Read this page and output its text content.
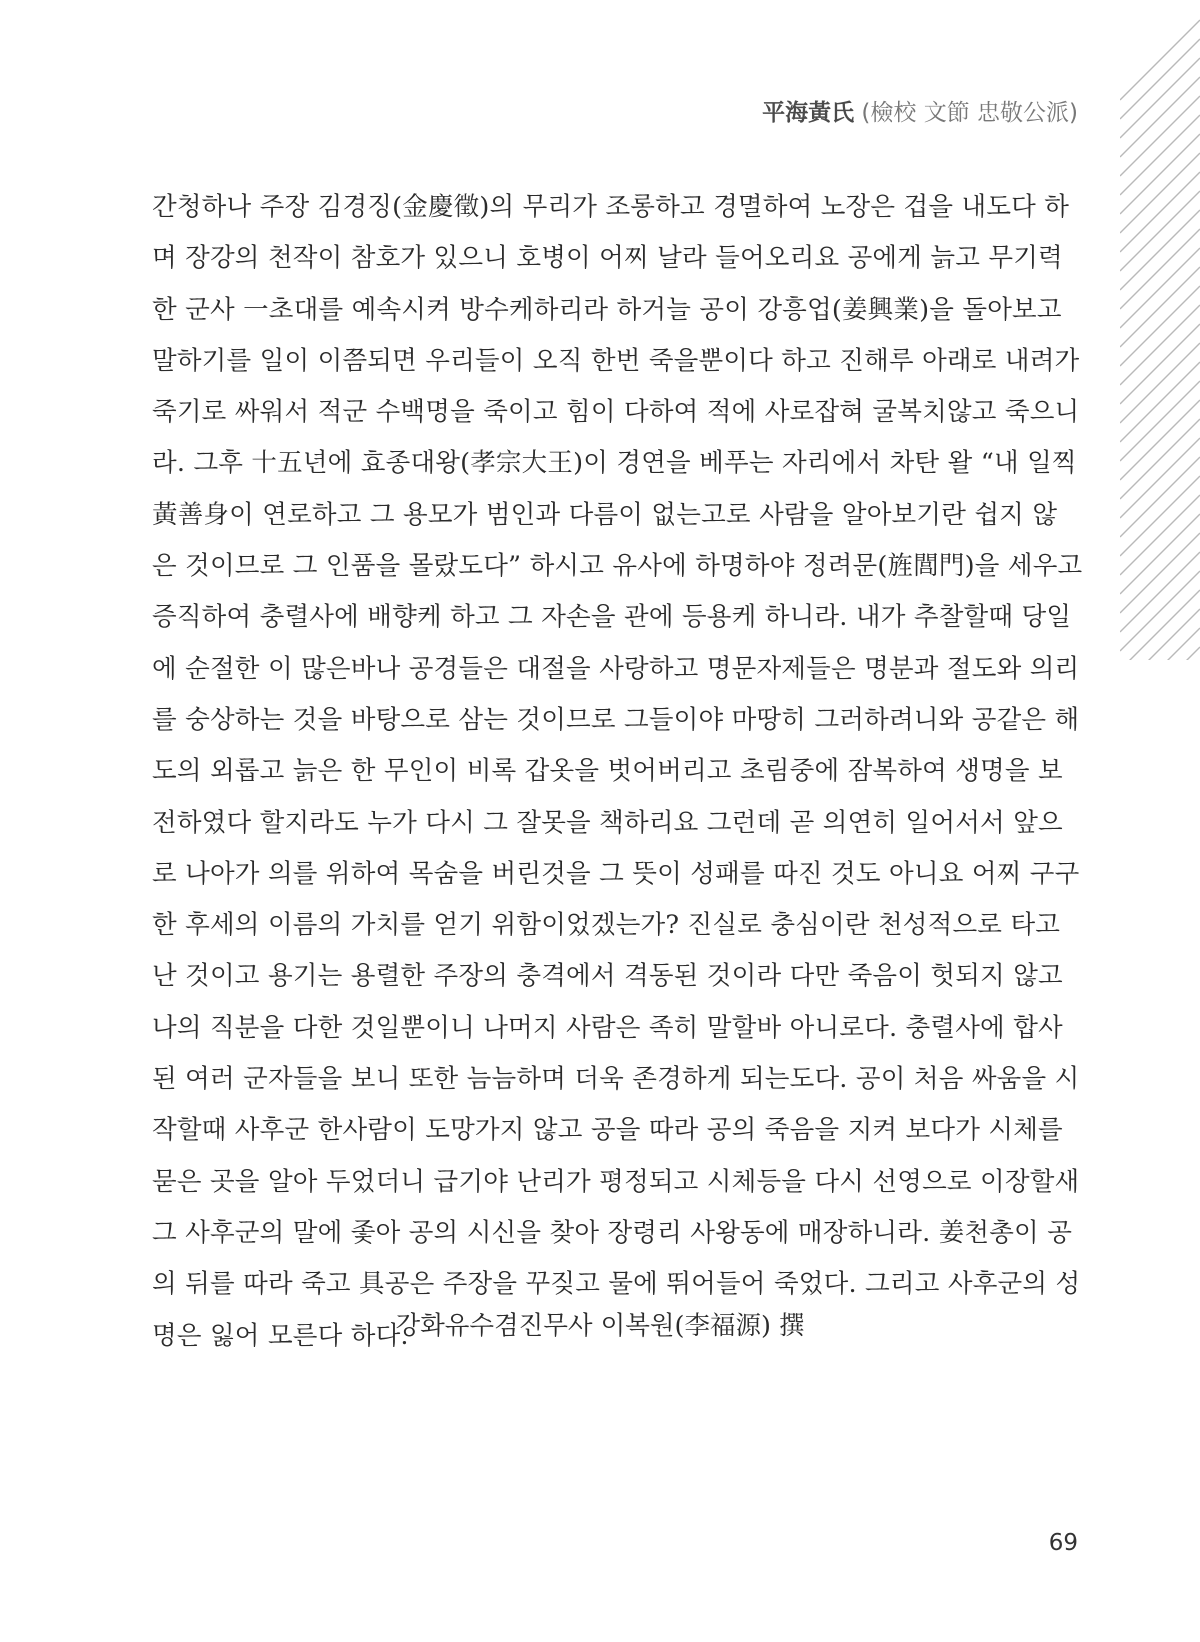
平海黃氏 (檢校 文節 忠敬公派)
간청하나 주장 김경징(金慶徵)의 무리가 조롱하고 경멸하여 노장은 겁을 내도다 하
며 장강의 천작이 참호가 있으니 호병이 어찌 날라 들어오리요 공에게 늙고 무기력
한 군사 一초대를 예속시켜 방수케하리라 하거늘 공이 강흥업(姜興業)을 돌아보고
말하기를 일이 이쯤되면 우리들이 오직 한번 죽을뿐이다 하고 진해루 아래로 내려가
죽기로 싸워서 적군 수백명을 죽이고 힘이 다하여 적에 사로잡혀 굴복치않고 죽으니
라. 그후 十五년에 효종대왕(孝宗大王)이 경연을 베푸는 자리에서 차탄 왈 “내 일찍
黃善身이 연로하고 그 용모가 범인과 다름이 없는고로 사람을 알아보기란 쉽지 않
은 것이므로 그 인품을 몰랐도다” 하시고 유사에 하명하야 정려문(旌閭門)을 세우고
증직하여 충렬사에 배향케 하고 그 자손을 관에 등용케 하니라. 내가 추찰할때 당일
에 순절한 이 많은바나 공경들은 대절을 사랑하고 명문자제들은 명분과 절도와 의리
를 숭상하는 것을 바탕으로 삼는 것이므로 그들이야 마땅히 그러하려니와 공같은 해
도의 외롭고 늙은 한 무인이 비록 갑옷을 벗어버리고 초림중에 잠복하여 생명을 보
전하였다 할지라도 누가 다시 그 잘못을 책하리요 그런데 곧 의연히 일어서서 앞으
로 나아가 의를 위하여 목숨을 버린것을 그 뜻이 성패를 따진 것도 아니요 어찌 구구
한 후세의 이름의 가치를 얻기 위함이었겠는가? 진실로 충심이란 천성적으로 타고
난 것이고 용기는 용렬한 주장의 충격에서 격동된 것이라 다만 죽음이 헛되지 않고
나의 직분을 다한 것일뿐이니 나머지 사람은 족히 말할바 아니로다. 충렬사에 합사
된 여러 군자들을 보니 또한 늠늠하며 더욱 존경하게 되는도다. 공이 처음 싸움을 시
작할때 사후군 한사람이 도망가지 않고 공을 따라 공의 죽음을 지켜 보다가 시체를
묻은 곳을 알아 두었더니 급기야 난리가 평정되고 시체등을 다시 선영으로 이장할새
그 사후군의 말에 좇아 공의 시신을 찾아 장령리 사왕동에 매장하니라. 姜천총이 공
의 뒤를 따라 죽고 具공은 주장을 꾸짖고 물에 뛰어들어 죽었다. 그리고 사후군의 성
명은 잃어 모른다 하다.
강화유수겸진무사 이복원(李福源) 撰
69
